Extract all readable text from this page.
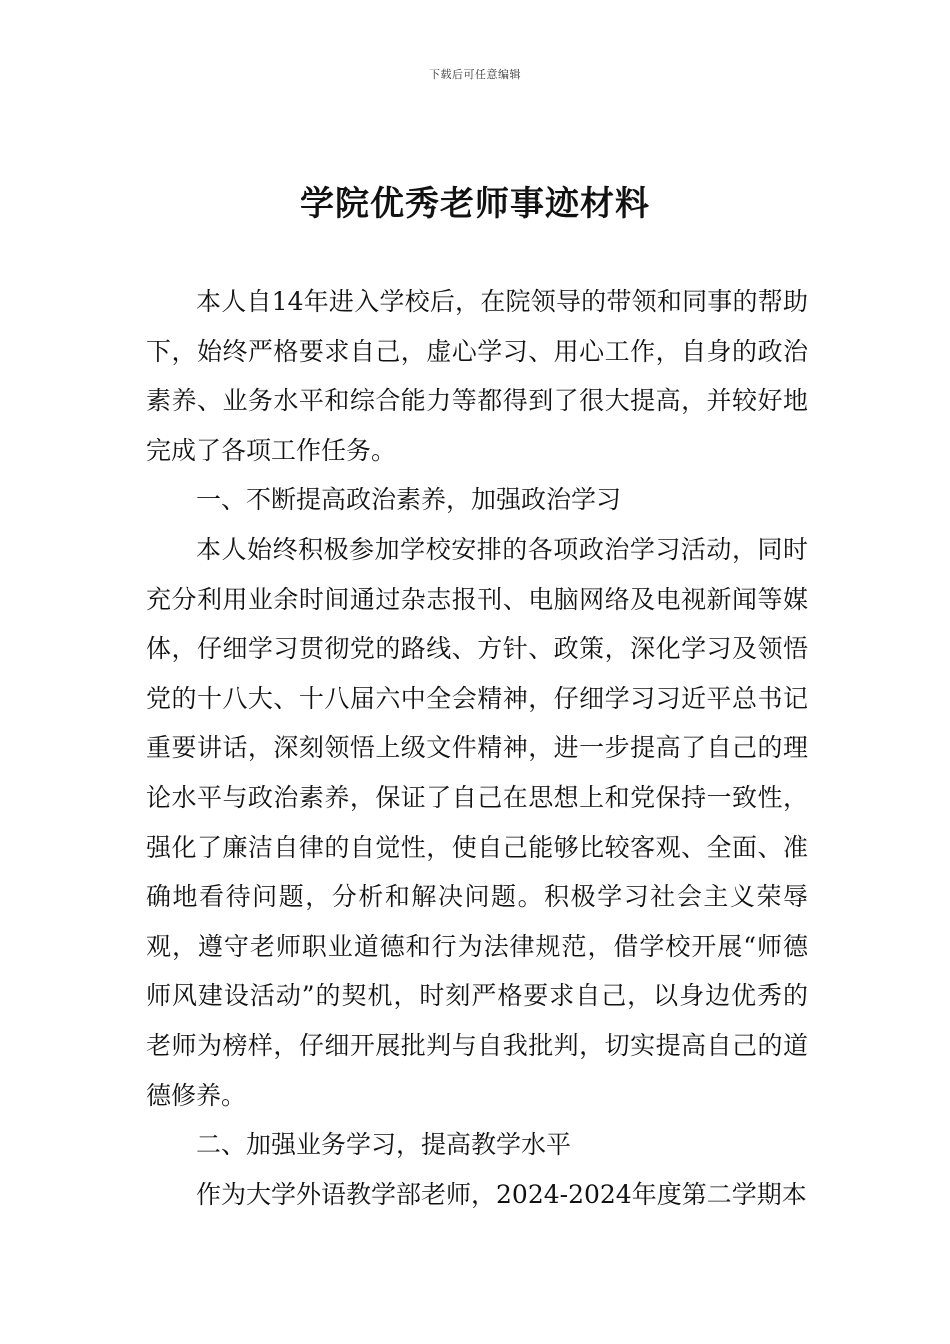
下载后可任意编辑
学院优秀老师事迹材料

本人自14年进入学校后，在院领导的带领和同事的帮助下，始终严格要求自己，虚心学习、用心工作，自身的政治素养、业务水平和综合能力等都得到了很大提高，并较好地完成了各项工作任务。

一、不断提高政治素养，加强政治学习

本人始终积极参加学校安排的各项政治学习活动，同时充分利用业余时间通过杂志报刊、电脑网络及电视新闻等媒体，仔细学习贯彻党的路线、方针、政策，深化学习及领悟党的十八大、十八届六中全会精神，仔细学习习近平总书记重要讲话，深刻领悟上级文件精神，进一步提高了自己的理论水平与政治素养，保证了自己在思想上和党保持一致性，强化了廉洁自律的自觉性，使自己能够比较客观、全面、准确地看待问题，分析和解决问题。积极学习社会主义荣辱观，遵守老师职业道德和行为法律规范，借学校开展“师德师风建设活动”的契机，时刻严格要求自己，以身边优秀的老师为榜样，仔细开展批判与自我批判，切实提高自己的道德修养。

二、加强业务学习，提高教学水平

作为大学外语教学部老师，2024-2024年度第二学期本
